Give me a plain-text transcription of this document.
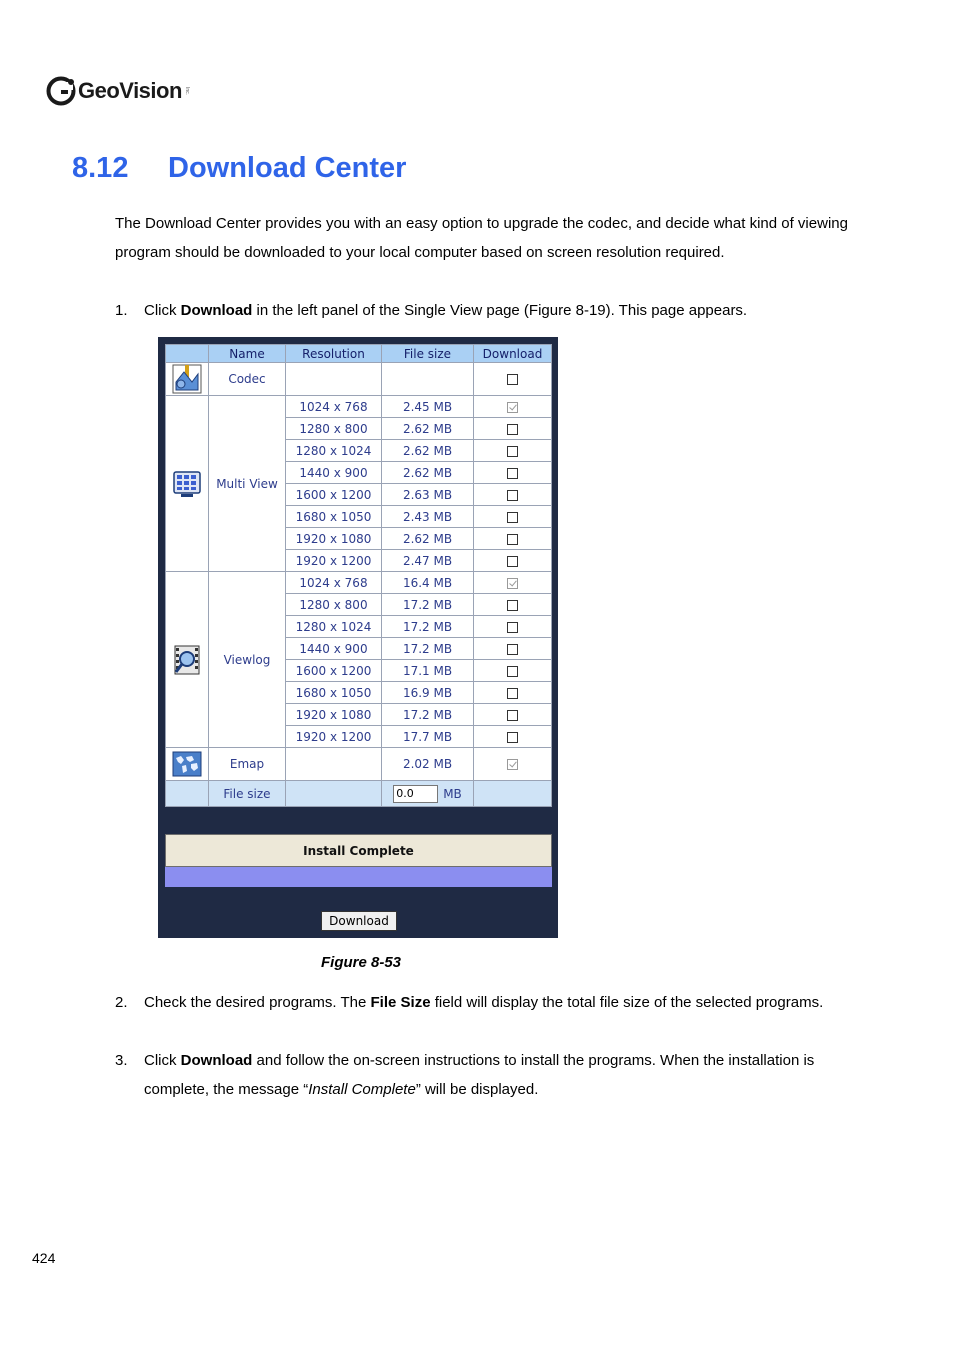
GeoVision Inc.
8.12 Download Center

The Download Center provides you with an easy option to upgrade the codec, and decide what kind of viewing program should be downloaded to your local computer based on screen resolution required.

1. Click Download in the left panel of the Single View page (Figure 8-19). This page appears.
	Name	Resolution	File size	Download
	Codec			
	Multi View	1024 x 768	2.45 MB	
		1280 x 800	2.62 MB	
		1280 x 1024	2.62 MB	
		1440 x 900	2.62 MB	
		1600 x 1200	2.63 MB	
		1680 x 1050	2.43 MB	
		1920 x 1080	2.62 MB	
		1920 x 1200	2.47 MB	
	Viewlog	1024 x 768	16.4 MB	
		1280 x 800	17.2 MB	
		1280 x 1024	17.2 MB	
		1440 x 900	17.2 MB	
		1600 x 1200	17.1 MB	
		1680 x 1050	16.9 MB	
		1920 x 1080	17.2 MB	
		1920 x 1200	17.7 MB	
	Emap		2.02 MB	
	File size		0.0MB	
Install Complete
Download
Figure 8-53
2. Check the desired programs. The File Size field will display the total file size of the selected programs.
3. Click Download and follow the on-screen instructions to install the programs. When the installation is complete, the message “Install Complete” will be displayed.
424
